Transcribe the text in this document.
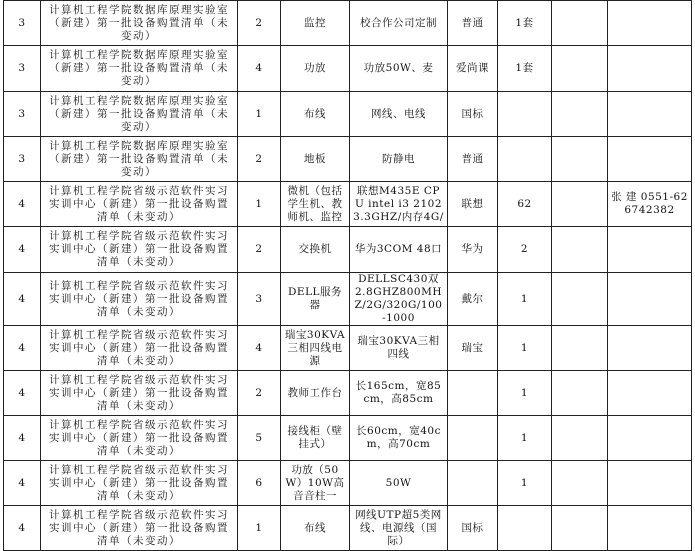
3	计算机工程学院数据库原理实验室（新建）第一批设备购置清单（未变动）	2	监控	校合作公司定制	普通	1套		
3	计算机工程学院数据库原理实验室（新建）第一批设备购置清单（未变动）	4	功放	功放50W、麦	爱尚课	1套		
3	计算机工程学院数据库原理实验室（新建）第一批设备购置清单（未变动）	1	布线	网线、电线	国标			
3	计算机工程学院数据库原理实验室（新建）第一批设备购置清单（未变动）	2	地板	防静电	普通			
4	计算机工程学院省级示范软件实习实训中心（新建）第一批设备购置清单（未变动）	1	微机（包括学生机、教师机、监控	联想M435E CPU intel i3 2102 3.3GHZ/内存4G/	联想	62		张 建 0551-626742382
4	计算机工程学院省级示范软件实习实训中心（新建）第一批设备购置清单（未变动）	2	交换机	华为3COM 48口	华为	2		
4	计算机工程学院省级示范软件实习实训中心（新建）第一批设备购置清单（未变动）	3	DELL服务器	DELLSC430双2.8GHZ800MHZ/2G/320G/100-1000	戴尔	1		
4	计算机工程学院省级示范软件实习实训中心（新建）第一批设备购置清单（未变动）	4	瑞宝30KVA三相四线电源	瑞宝30KVA三相四线	瑞宝	1		
4	计算机工程学院省级示范软件实习实训中心（新建）第一批设备购置清单（未变动）	2	教师工作台	长165cm，宽85cm，高85cm		1		
4	计算机工程学院省级示范软件实习实训中心（新建）第一批设备购置清单（未变动）	5	接线柜（壁挂式）	长60cm，宽40cm，高70cm		1		
4	计算机工程学院省级示范软件实习实训中心（新建）第一批设备购置清单（未变动）	6	功放（50W）10W高音音柱一	50W		1		
4	计算机工程学院省级示范软件实习实训中心（新建）第一批设备购置清单（未变动）	1	布线	网线UTP超5类网线、电源线（国际）	国标			
